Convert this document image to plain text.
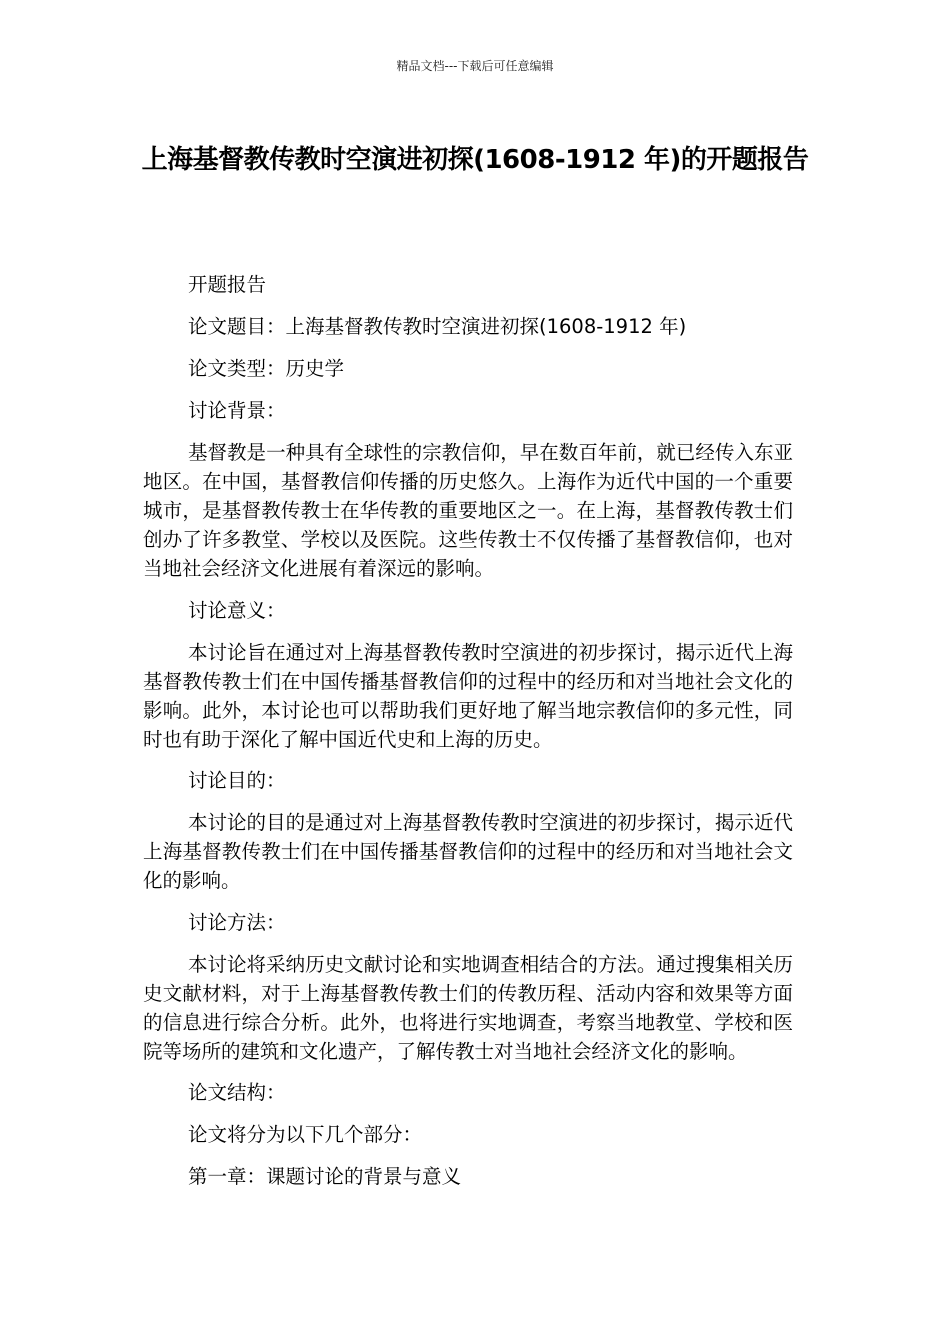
精品文档---下载后可任意编辑
上海基督教传教时空演进初探(1608-1912 年)的开题报告

开题报告

论文题目：上海基督教传教时空演进初探(1608-1912 年)

论文类型：历史学

讨论背景：

基督教是一种具有全球性的宗教信仰，早在数百年前，就已经传入东亚地区。在中国，基督教信仰传播的历史悠久。上海作为近代中国的一个重要城市，是基督教传教士在华传教的重要地区之一。在上海，基督教传教士们创办了许多教堂、学校以及医院。这些传教士不仅传播了基督教信仰，也对当地社会经济文化进展有着深远的影响。

讨论意义：

本讨论旨在通过对上海基督教传教时空演进的初步探讨，揭示近代上海基督教传教士们在中国传播基督教信仰的过程中的经历和对当地社会文化的影响。此外，本讨论也可以帮助我们更好地了解当地宗教信仰的多元性，同时也有助于深化了解中国近代史和上海的历史。

讨论目的：

本讨论的目的是通过对上海基督教传教时空演进的初步探讨，揭示近代上海基督教传教士们在中国传播基督教信仰的过程中的经历和对当地社会文化的影响。

讨论方法：

本讨论将采纳历史文献讨论和实地调查相结合的方法。通过搜集相关历史文献材料，对于上海基督教传教士们的传教历程、活动内容和效果等方面的信息进行综合分析。此外，也将进行实地调查，考察当地教堂、学校和医院等场所的建筑和文化遗产，了解传教士对当地社会经济文化的影响。

论文结构：

论文将分为以下几个部分：

第一章：课题讨论的背景与意义
